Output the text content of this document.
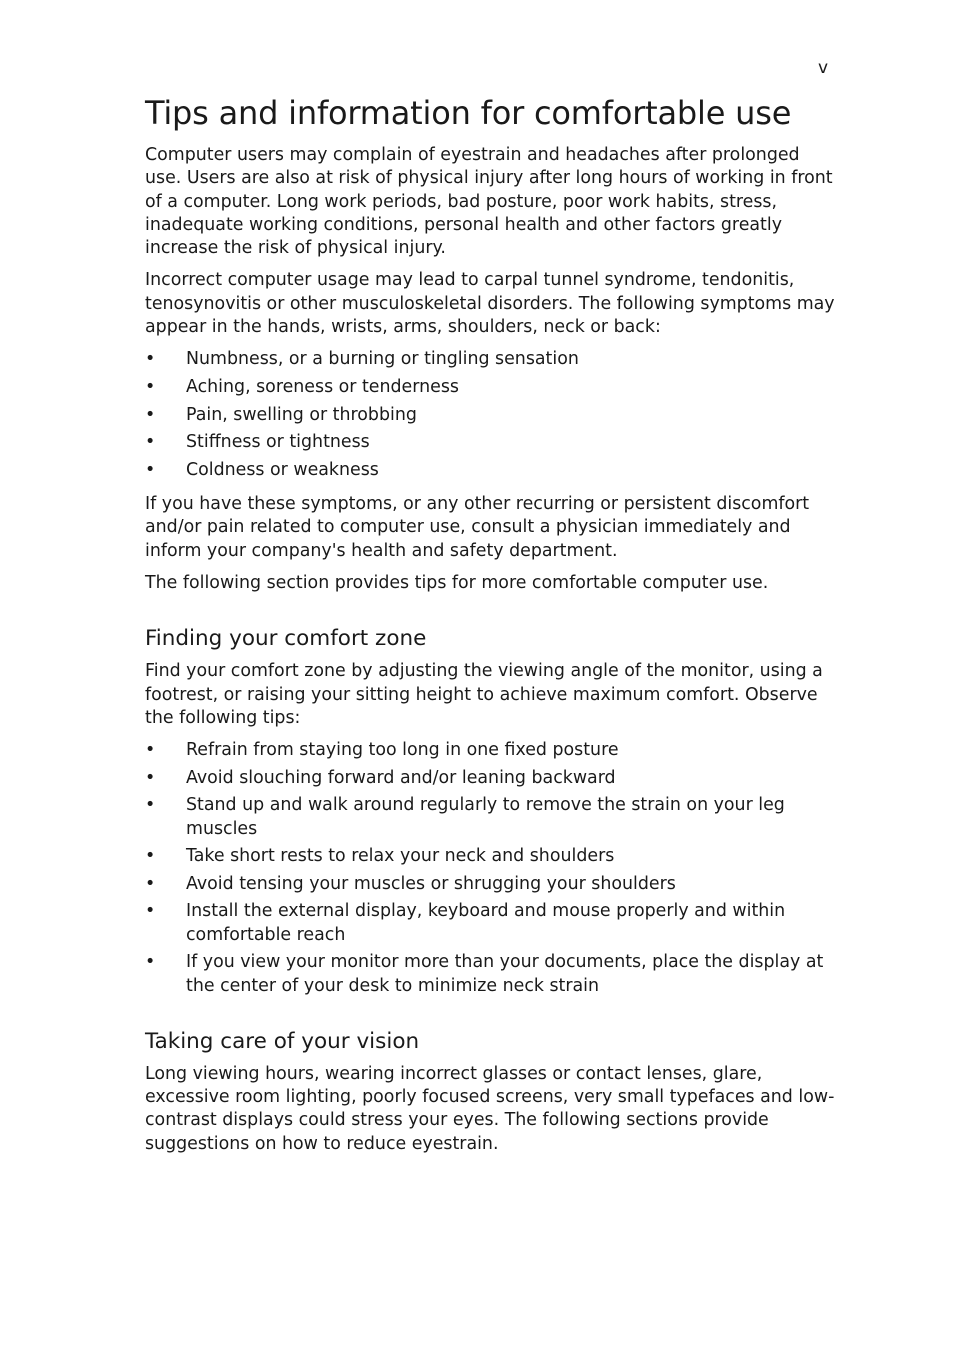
v
Tips and information for comfortable use

Computer users may complain of eyestrain and headaches after prolonged use. Users are also at risk of physical injury after long hours of working in front of a computer. Long work periods, bad posture, poor work habits, stress, inadequate working conditions, personal health and other factors greatly increase the risk of physical injury.

Incorrect computer usage may lead to carpal tunnel syndrome, tendonitis, tenosynovitis or other musculoskeletal disorders. The following symptoms may appear in the hands, wrists, arms, shoulders, neck or back:

• Numbness, or a burning or tingling sensation
• Aching, soreness or tenderness
• Pain, swelling or throbbing
• Stiffness or tightness
• Coldness or weakness

If you have these symptoms, or any other recurring or persistent discomfort and/or pain related to computer use, consult a physician immediately and inform your company's health and safety department.

The following section provides tips for more comfortable computer use.

Finding your comfort zone

Find your comfort zone by adjusting the viewing angle of the monitor, using a footrest, or raising your sitting height to achieve maximum comfort. Observe the following tips:

• Refrain from staying too long in one fixed posture
• Avoid slouching forward and/or leaning backward
• Stand up and walk around regularly to remove the strain on your leg muscles
• Take short rests to relax your neck and shoulders
• Avoid tensing your muscles or shrugging your shoulders
• Install the external display, keyboard and mouse properly and within comfortable reach
• If you view your monitor more than your documents, place the display at the center of your desk to minimize neck strain
Taking care of your vision

Long viewing hours, wearing incorrect glasses or contact lenses, glare, excessive room lighting, poorly focused screens, very small typefaces and low-contrast displays could stress your eyes. The following sections provide suggestions on how to reduce eyestrain.
